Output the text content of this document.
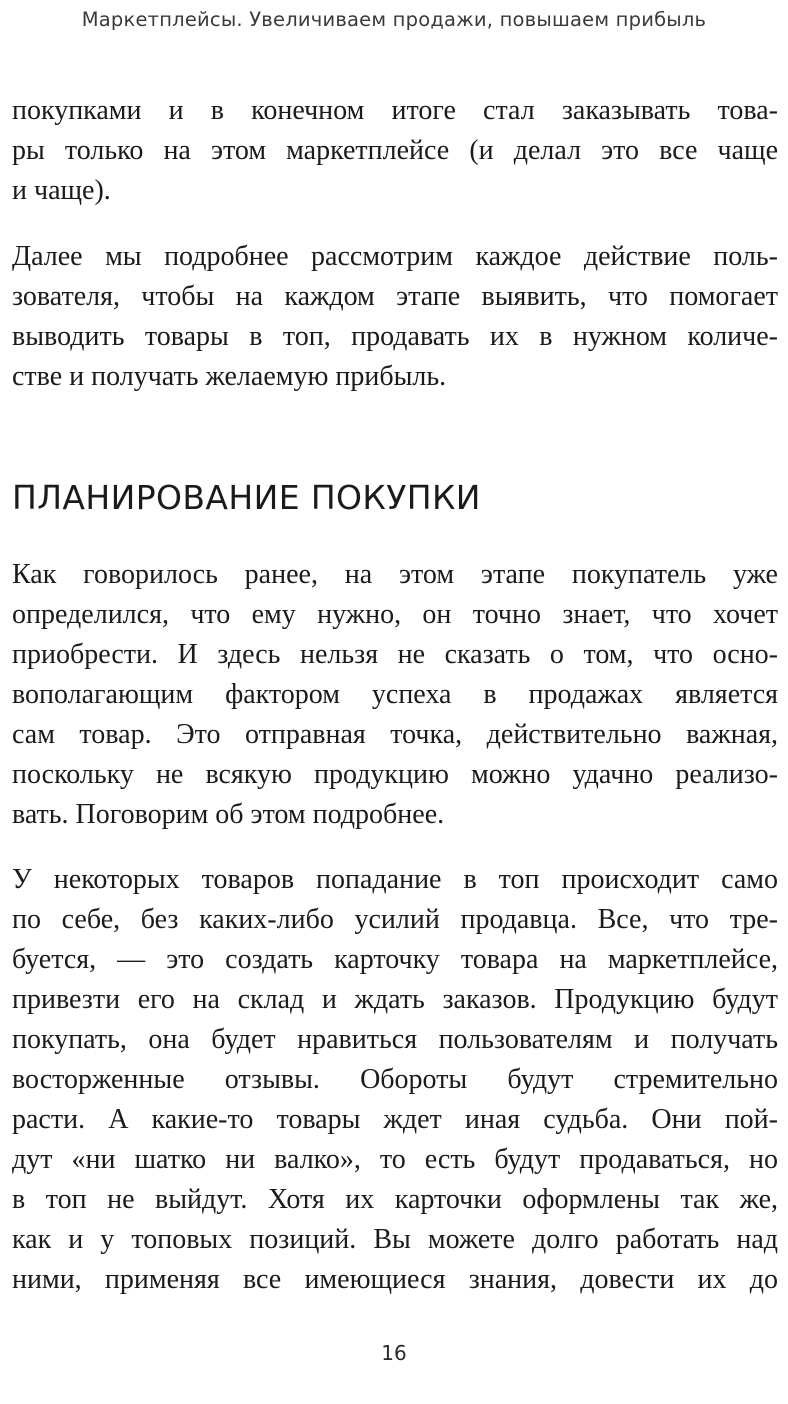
Маркетплейсы. Увеличиваем продажи, повышаем прибыль
покупками и в конечном итоге стал заказывать това-
ры только на этом маркетплейсе (и делал это все чаще
и чаще).
Далее мы подробнее рассмотрим каждое действие поль-
зователя, чтобы на каждом этапе выявить, что помогает
выводить товары в топ, продавать их в нужном количе-
стве и получать желаемую прибыль.
ПЛАНИРОВАНИЕ ПОКУПКИ
Как говорилось ранее, на этом этапе покупатель уже
определился, что ему нужно, он точно знает, что хочет
приобрести. И здесь нельзя не сказать о том, что осно-
вополагающим фактором успеха в продажах является
сам товар. Это отправная точка, действительно важная,
поскольку не всякую продукцию можно удачно реализо-
вать. Поговорим об этом подробнее.
У некоторых товаров попадание в топ происходит само
по себе, без каких-либо усилий продавца. Все, что тре-
буется, — это создать карточку товара на маркетплейсе,
привезти его на склад и ждать заказов. Продукцию будут
покупать, она будет нравиться пользователям и получать
восторженные отзывы. Обороты будут стремительно
расти. А какие-то товары ждет иная судьба. Они пой-
дут «ни шатко ни валко», то есть будут продаваться, но
в топ не выйдут. Хотя их карточки оформлены так же,
как и у топовых позиций. Вы можете долго работать над
ними, применяя все имеющиеся знания, довести их до
16
